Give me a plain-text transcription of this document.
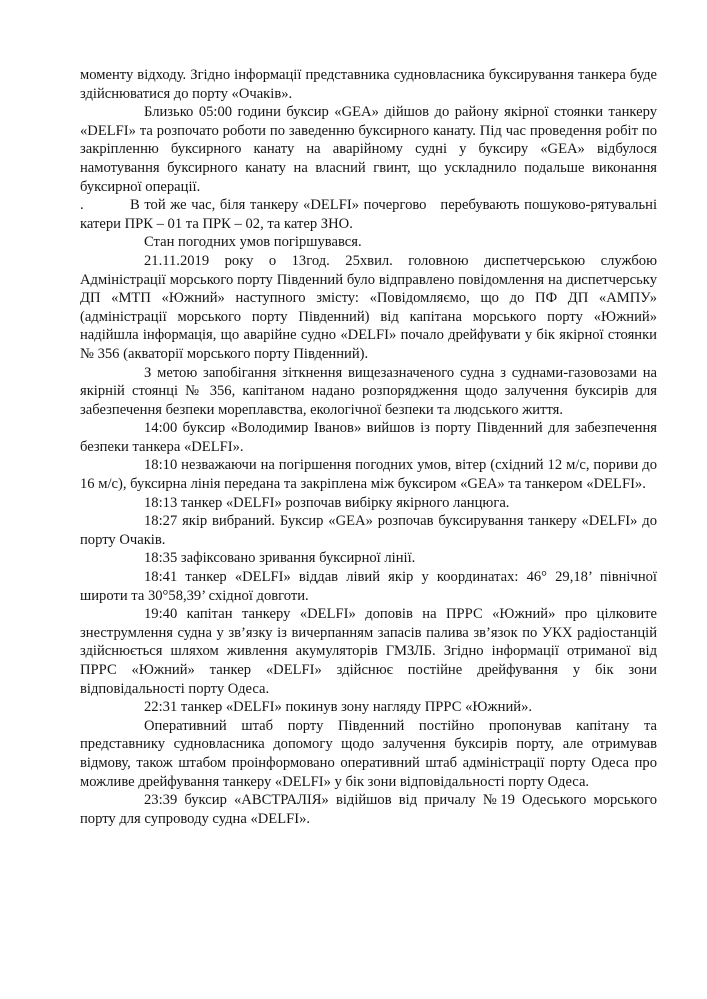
моменту відходу. Згідно інформації представника судновласника буксирування танкера буде здійснюватися до порту «Очаків».

Близько 05:00 години буксир «GEA» дійшов до району якірної стоянки танкеру «DELFI» та розпочато роботи по заведенню буксирного канату. Під час проведення робіт по закріпленню буксирного канату на аварійному судні у буксиру «GEA» відбулося намотування буксирного канату на власний гвинт, що ускладнило подальше виконання буксирної операції.

.          В той же час, біля танкеру «DELFI» почергово   перебувають пошуково-рятувальні  катери ПРК – 01 та ПРК – 02, та катер ЗНО.

Стан погодних умов погіршувався.

21.11.2019 року о 13год. 25хвил. головною диспетчерською службою Адміністрації морського порту Південний було відправлено повідомлення на диспетчерську ДП «МТП «Южний» наступного змісту: «Повідомляємо, що до ПФ ДП «АМПУ» (адміністрації морського порту Південний) від капітана морського порту «Южний» надійшла інформація, що аварійне судно «DELFI» почало дрейфувати у бік якірної стоянки № 356 (акваторії морського порту Південний).

З метою запобігання зіткнення вищезазначеного судна з суднами-газовозами на якірній стоянці № 356, капітаном надано розпорядження щодо залучення буксирів для забезпечення безпеки мореплавства, екологічної безпеки та людського життя.

14:00 буксир «Володимир Іванов» вийшов із порту Південний для забезпечення безпеки танкера «DELFI».

18:10 незважаючи на погіршення погодних умов, вітер (східний 12 м/с, пориви до 16 м/с), буксирна лінія передана та закріплена між буксиром «GEA» та танкером «DELFI».

18:13 танкер «DELFI» розпочав вибірку якірного ланцюга.

18:27 якір вибраний. Буксир «GEA» розпочав буксирування танкеру «DELFI» до порту Очаків.

18:35 зафіксовано зривання буксирної лінії.

18:41 танкер «DELFI» віддав лівий якір у координатах: 46° 29,18’ північної широти та 30°58,39’ східної довготи.

19:40 капітан танкеру «DELFI» доповів на ПРРС «Южний» про цілковите знеструмлення судна у зв’язку із вичерпанням запасів палива зв’язок по УКХ радіостанцій здійснюється шляхом живлення акумуляторів ГМЗЛБ. Згідно інформації отриманої від ПРРС «Южний» танкер «DELFI» здійснює постійне дрейфування у бік зони відповідальності порту Одеса.

22:31 танкер «DELFI» покинув зону нагляду ПРРС «Южний».

Оперативний штаб порту Південний постійно пропонував капітану та представнику судновласника допомогу щодо залучення буксирів порту, але отримував відмову, також штабом проінформовано оперативний штаб адміністрації порту Одеса про можливе дрейфування танкеру «DELFI» у бік зони відповідальності порту Одеса.

23:39 буксир «АВСТРАЛІЯ» відійшов від причалу №19 Одеського морського порту для супроводу судна «DELFI».
